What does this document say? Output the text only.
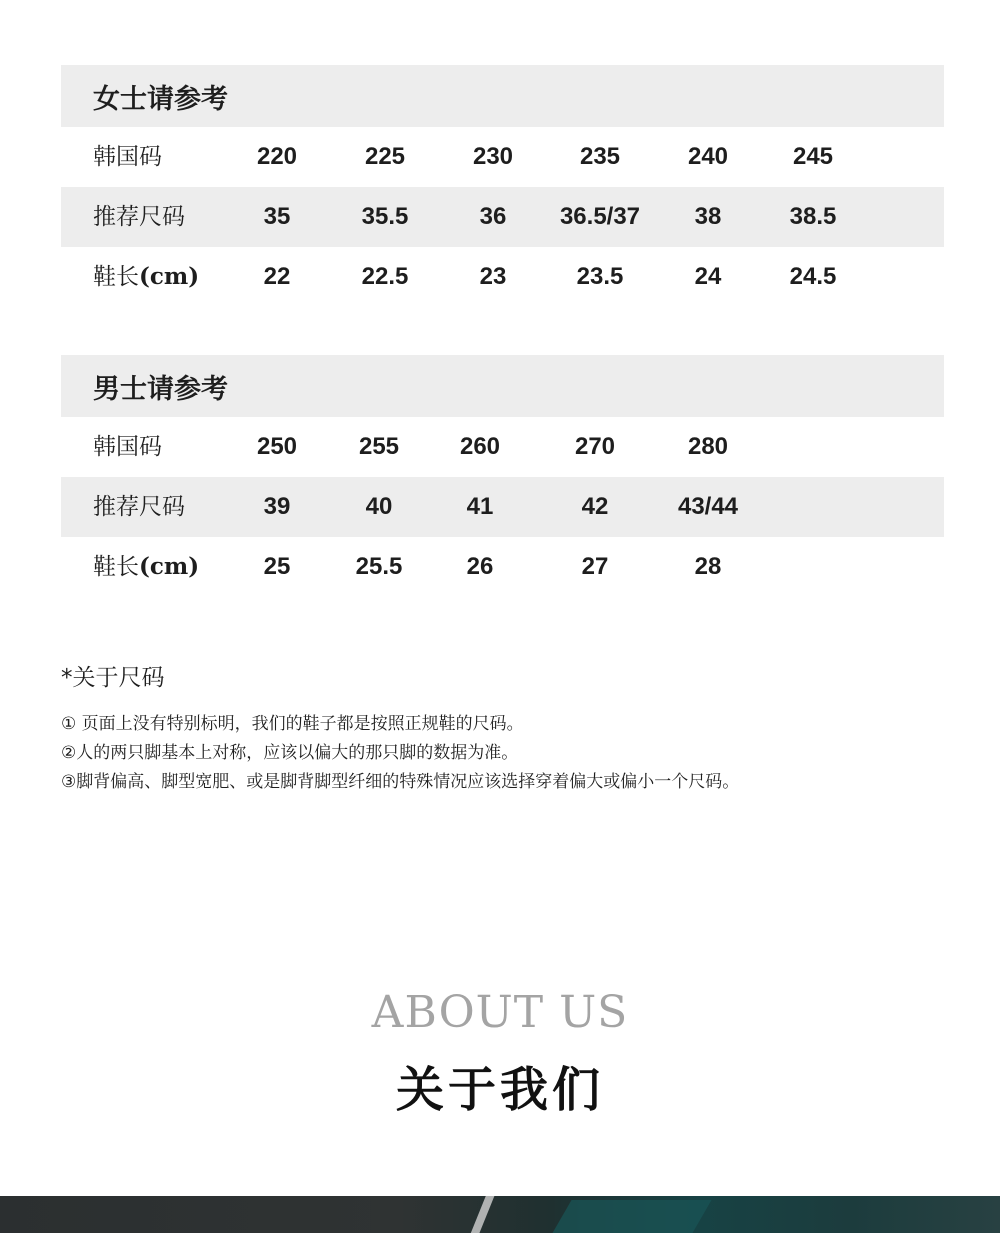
女士请参考
韩国码	220	225	230	235	240	245
推荐尺码	35	35.5	36	36.5/37	38	38.5
鞋长(cm)	22	22.5	23	23.5	24	24.5
男士请参考
韩国码	250	255	260	270	280
推荐尺码	39	40	41	42	43/44
鞋长(cm)	25	25.5	26	27	28
*关于尺码
① 页面上没有特别标明，我们的鞋子都是按照正规鞋的尺码。
②人的两只脚基本上对称，应该以偏大的那只脚的数据为准。
③脚背偏高、脚型宽肥、或是脚背脚型纤细的特殊情况应该选择穿着偏大或偏小一个尺码。
ABOUT US
关于我们
